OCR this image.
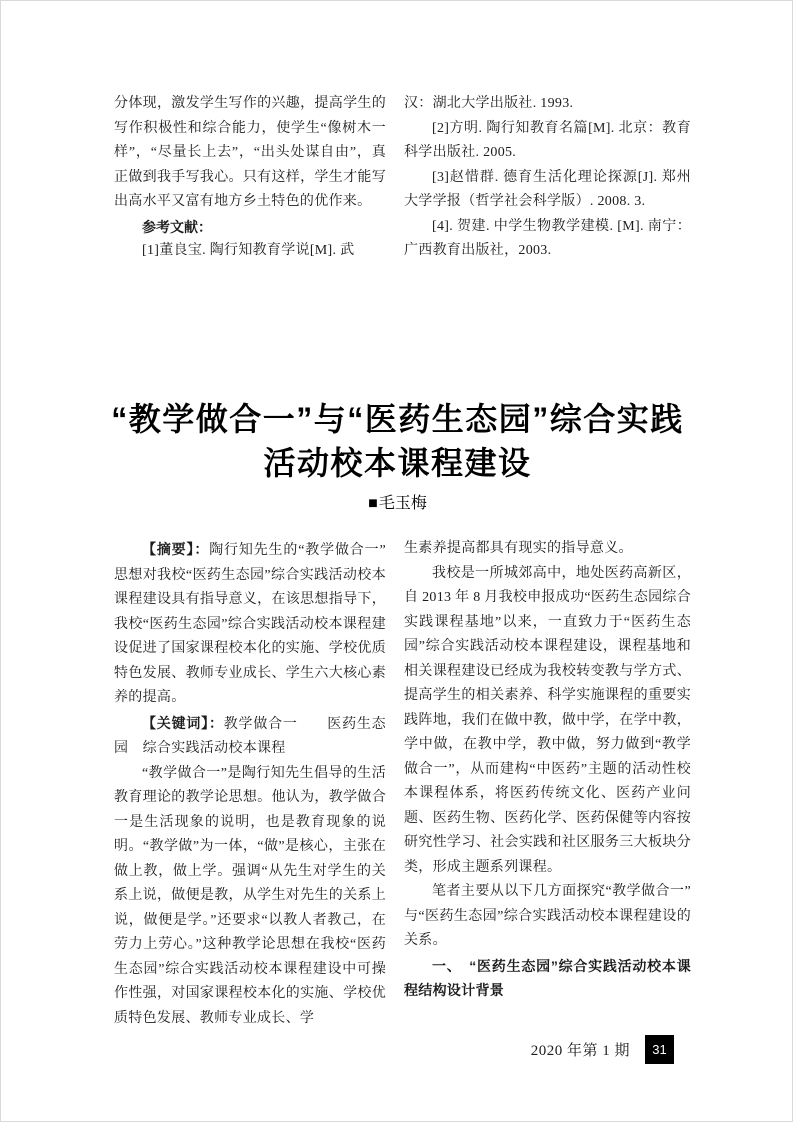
分体现，激发学生写作的兴趣，提高学生的写作积极性和综合能力，使学生“像树木一样”，“尽量长上去”，“出头处谋自由”，真正做到我手写我心。只有这样，学生才能写出高水平又富有地方乡土特色的优作来。

参考文献：

[1]董良宝. 陶行知教育学说[M]. 武

汉：湖北大学出版社. 1993.

[2]方明. 陶行知教育名篇[M]. 北京：教育科学出版社. 2005.

[3]赵惜群. 德育生活化理论探源[J]. 郑州大学学报（哲学社会科学版）. 2008. 3.

[4]. 贺建. 中学生物教学建模. [M]. 南宁：广西教育出版社，2003.

“教学做合一”与“医药生态园”综合实践
活动校本课程建设
■毛玉梅

【摘要】：陶行知先生的“教学做合一”思想对我校“医药生态园”综合实践活动校本课程建设具有指导意义，在该思想指导下，我校“医药生态园”综合实践活动校本课程建设促进了国家课程校本化的实施、学校优质特色发展、教师专业成长、学生六大核心素养的提高。

【关键词】：教学做合一　　医药生态园　综合实践活动校本课程

“教学做合一”是陶行知先生倡导的生活教育理论的教学论思想。他认为，教学做合一是生活现象的说明，也是教育现象的说明。“教学做”为一体，“做”是核心，主张在做上教，做上学。强调“从先生对学生的关系上说，做便是教，从学生对先生的关系上说，做便是学。”还要求“以教人者教己，在劳力上劳心。”这种教学论思想在我校“医药生态园”综合实践活动校本课程建设中可操作性强，对国家课程校本化的实施、学校优质特色发展、教师专业成长、学

生素养提高都具有现实的指导意义。

我校是一所城郊高中，地处医药高新区，自 2013 年 8 月我校申报成功“医药生态园综合实践课程基地”以来，一直致力于“医药生态园”综合实践活动校本课程建设，课程基地和相关课程建设已经成为我校转变教与学方式、提高学生的相关素养、科学实施课程的重要实践阵地，我们在做中教，做中学，在学中教，学中做，在教中学，教中做，努力做到“教学做合一”，从而建构“中医药”主题的活动性校本课程体系，将医药传统文化、医药产业问题、医药生物、医药化学、医药保健等内容按研究性学习、社会实践和社区服务三大板块分类，形成主题系列课程。

笔者主要从以下几方面探究“教学做合一”与“医药生态园”综合实践活动校本课程建设的关系。

一、　“医药生态园”综合实践活动校本课程结构设计背景

2020 年第 1 期	31
